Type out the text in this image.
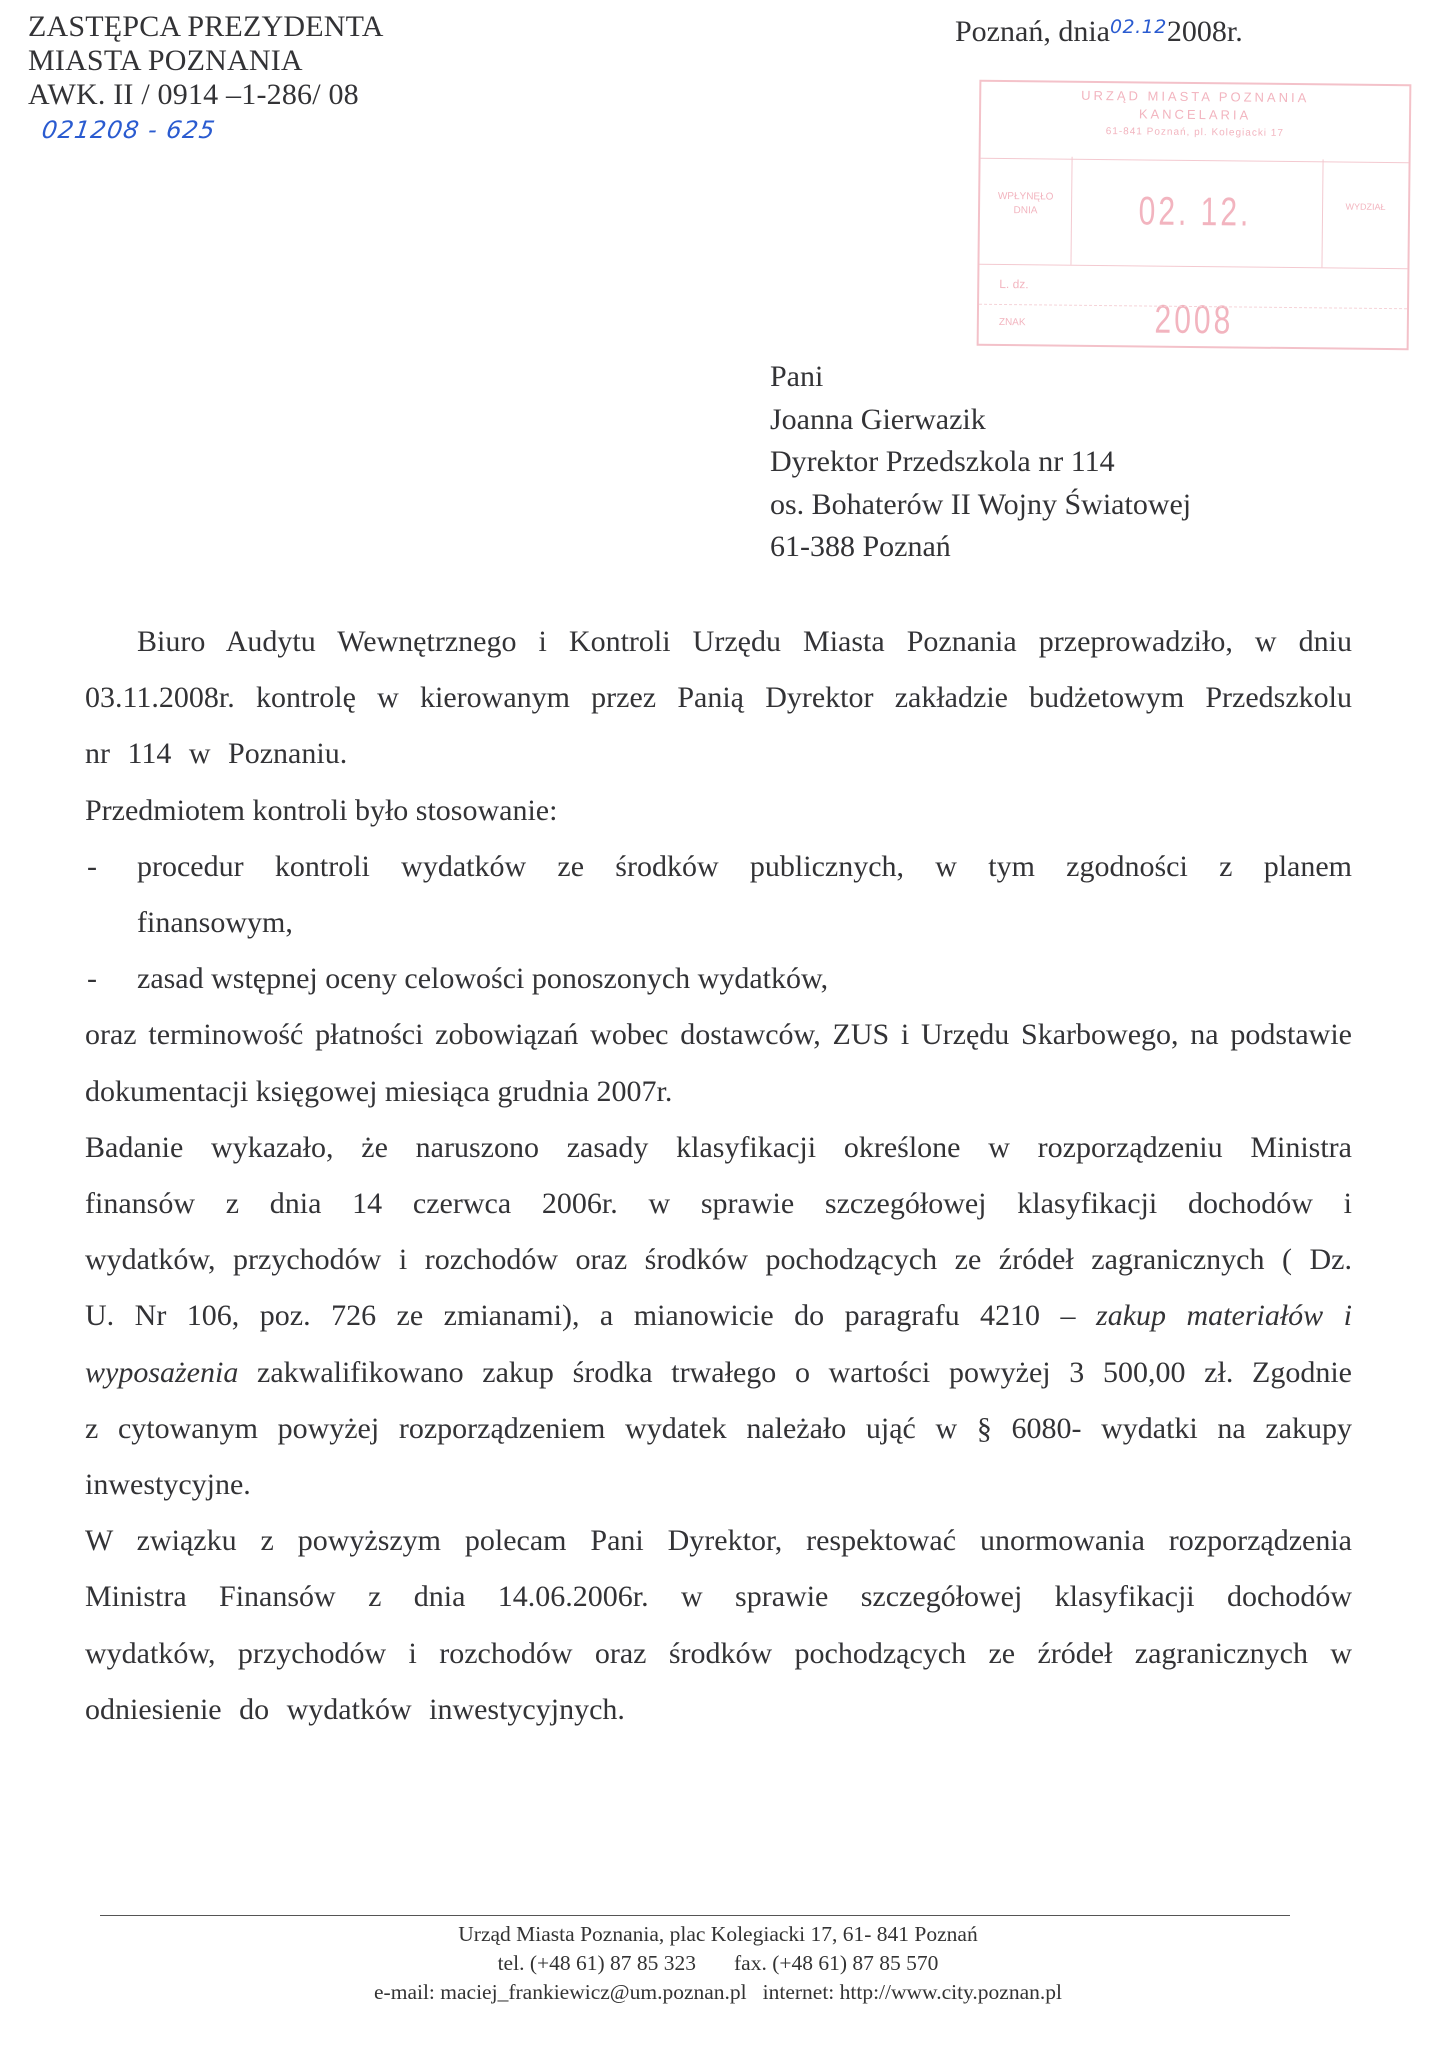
ZASTĘPCA PREZYDENTA
MIASTA POZNANIA
AWK. II / 0914 –1-286/ 08
021208 - 625
Poznań, dnia$^{02.12}$2008r.
URZĄD MIASTA POZNANIA
KANCELARIA
61-841 Poznań, pl. Kolegiacki 17
WPŁYNĘŁO
DNIA	02. 12. 2008
WYDZIAŁ
L. dz.
ZNAK
Pani
Joanna Gierwazik
Dyrektor Przedszkola nr 114
os. Bohaterów II Wojny Światowej
61-388 Poznań

Biuro Audytu Wewnętrznego i Kontroli Urzędu Miasta Poznania przeprowadziło, w dniu 03.11.2008r. kontrolę w kierowanym przez Panią Dyrektor zakładzie budżetowym Przedszkolu nr 114 w Poznaniu.

Przedmiotem kontroli było stosowanie:

-	procedur kontroli wydatków ze środków publicznych, w tym zgodności z planem finansowym,
-	zasad wstępnej oceny celowości ponoszonych wydatków,

oraz terminowość płatności zobowiązań wobec dostawców, ZUS i Urzędu Skarbowego, na podstawie dokumentacji księgowej miesiąca grudnia 2007r.

Badanie wykazało, że naruszono zasady klasyfikacji określone w rozporządzeniu Ministra finansów z dnia 14 czerwca 2006r. w sprawie szczegółowej klasyfikacji dochodów i wydatków, przychodów i rozchodów oraz środków pochodzących ze źródeł zagranicznych ( Dz. U. Nr 106, poz. 726 ze zmianami), a mianowicie do paragrafu 4210 – zakup materiałów i wyposażenia zakwalifikowano zakup środka trwałego o wartości powyżej 3 500,00 zł. Zgodnie z cytowanym powyżej rozporządzeniem wydatek należało ująć w § 6080- wydatki na zakupy inwestycyjne.

W związku z powyższym polecam Pani Dyrektor, respektować unormowania rozporządzenia Ministra Finansów z dnia 14.06.2006r. w sprawie szczegółowej klasyfikacji dochodów wydatków, przychodów i rozchodów oraz środków pochodzących ze źródeł zagranicznych w odniesienie do wydatków inwestycyjnych.

Urząd Miasta Poznania, plac Kolegiacki 17, 61- 841 Poznań
tel. (+48 61) 87 85 323 fax. (+48 61) 87 85 570
e-mail: maciej_frankiewicz@um.poznan.pl internet: http://www.city.poznan.pl
